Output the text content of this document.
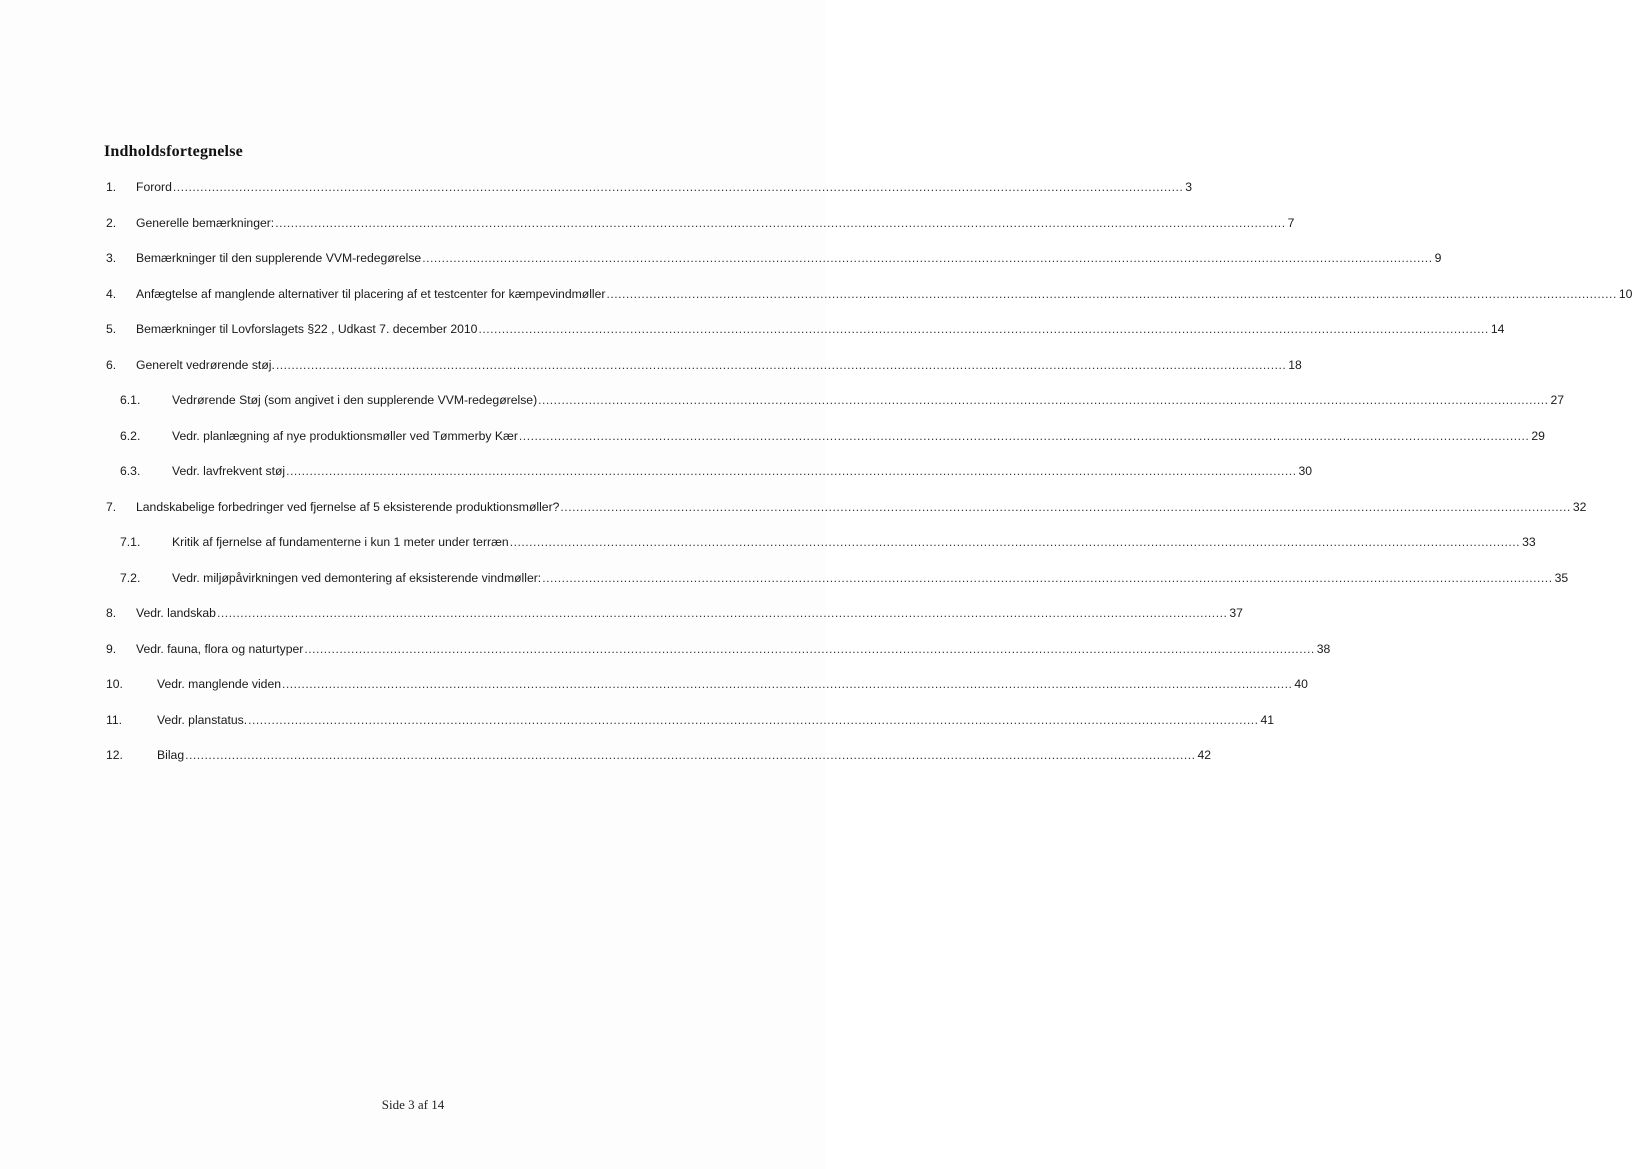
Indholdsfortegnelse
1.	Forord .....	3
2.	Generelle bemærkninger: .....	7
3.	Bemærkninger til den supplerende VVM-redegørelse .....	9
4.	Anfægtelse af manglende alternativer til placering af et testcenter for kæmpevindmøller .....	10
5.	Bemærkninger til Lovforslagets §22 , Udkast 7. december 2010 .....	14
6.	Generelt vedrørende støj. .....	18
6.1.	Vedrørende Støj (som angivet i den supplerende VVM-redegørelse) .....	27
6.2.	Vedr. planlægning af nye produktionsmøller ved Tømmerby Kær .....	29
6.3.	Vedr. lavfrekvent støj .....	30
7.	Landskabelige forbedringer ved fjernelse af 5 eksisterende produktionsmøller? .....	32
7.1.	Kritik af fjernelse af fundamenterne i kun 1 meter under terræn .....	33
7.2.	Vedr. miljøpåvirkningen ved demontering af eksisterende vindmøller: .....	35
8.	Vedr. landskab .....	37
9.	Vedr. fauna, flora og naturtyper .....	38
10.	Vedr. manglende viden .....	40
11.	Vedr. planstatus. .....	41
12.	Bilag .....	42
Side 3 af 14
